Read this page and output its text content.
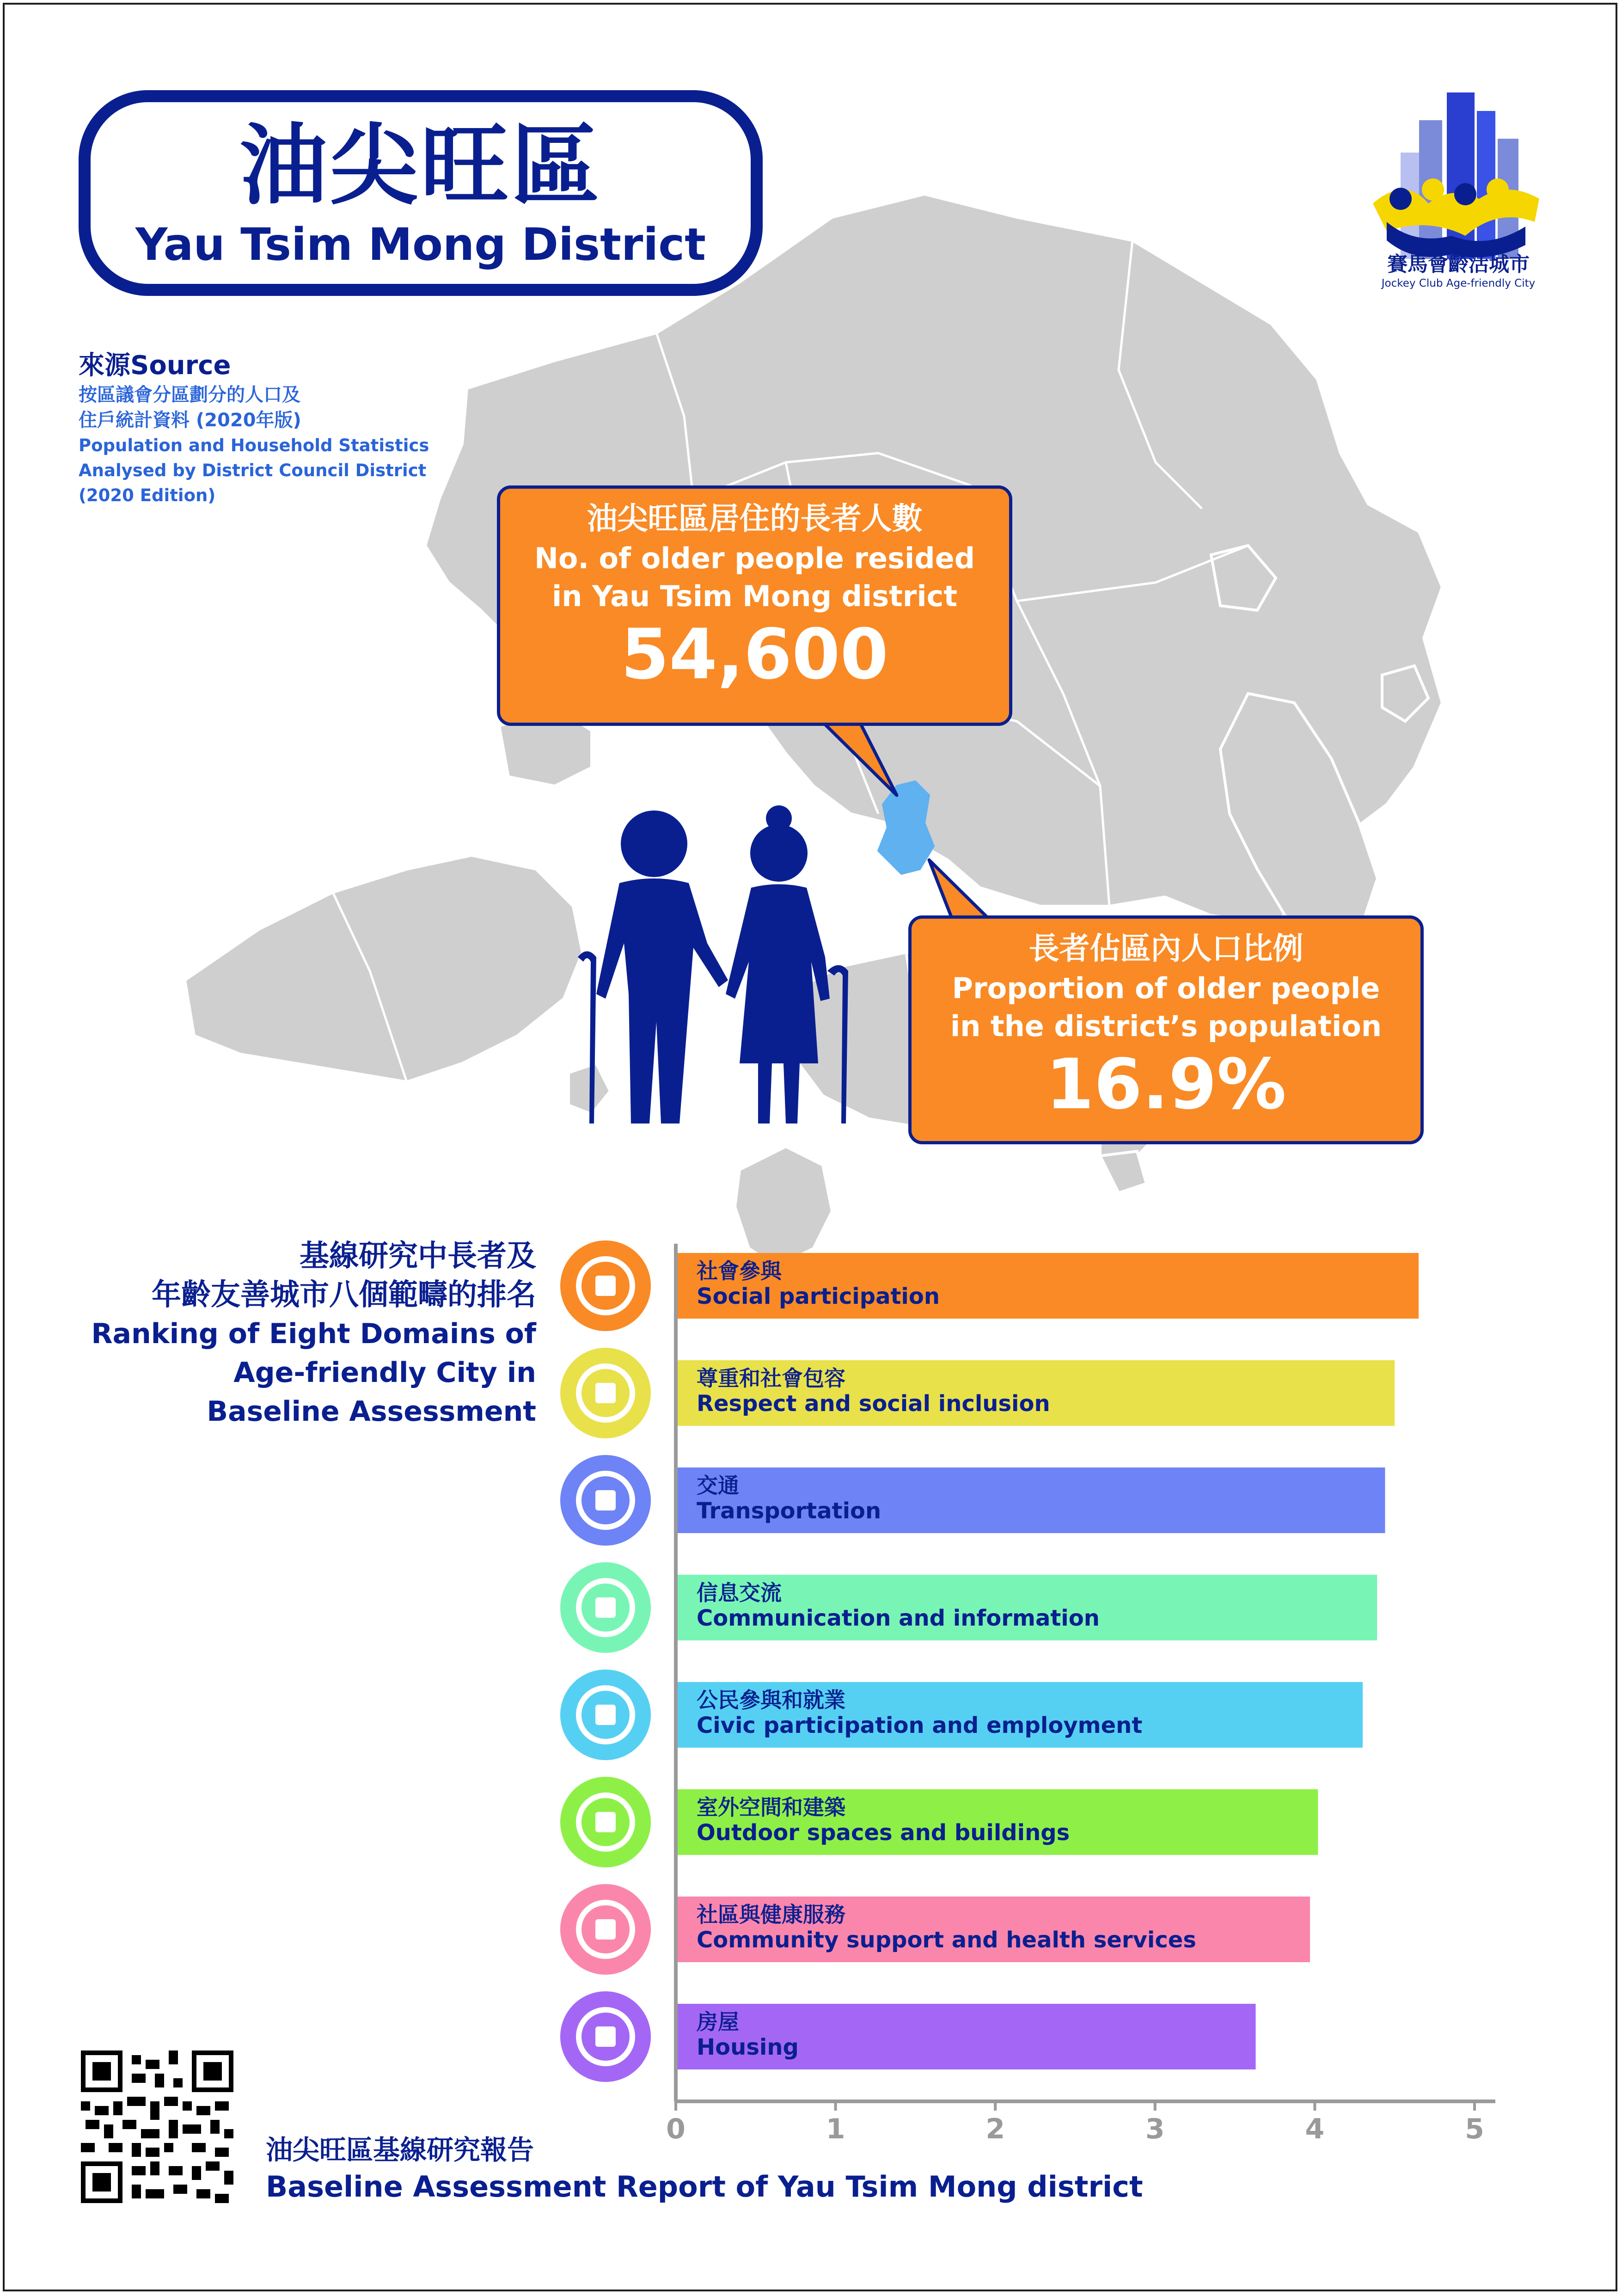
油尖旺區
Yau Tsim Mong District	賽馬會齡活城市
Jockey Club Age-friendly City
來源Source
按區議會分區劃分的人口及
住戶統計資料 (2020年版)
Population and Household Statistics
Analysed by District Council District
(2020 Edition)
油尖旺區居住的長者人數
No. of older people resided
in Yau Tsim Mong district
54,600
長者佔區內人口比例
Proportion of older people
in the district’s population
16.9%
基線研究中長者及
年齡友善城市八個範疇的排名
Ranking of Eight Domains of
Age-friendly City in
Baseline Assessment
0	1	2	3	4	5
社會參與
Social participation
尊重和社會包容
Respect and social inclusion
交通
Transportation
信息交流
Communication and information
公民參與和就業
Civic participation and employment
室外空間和建築
Outdoor spaces and buildings
社區與健康服務
Community support and health services
房屋
Housing
油尖旺區基線研究報告
Baseline Assessment Report of Yau Tsim Mong district
